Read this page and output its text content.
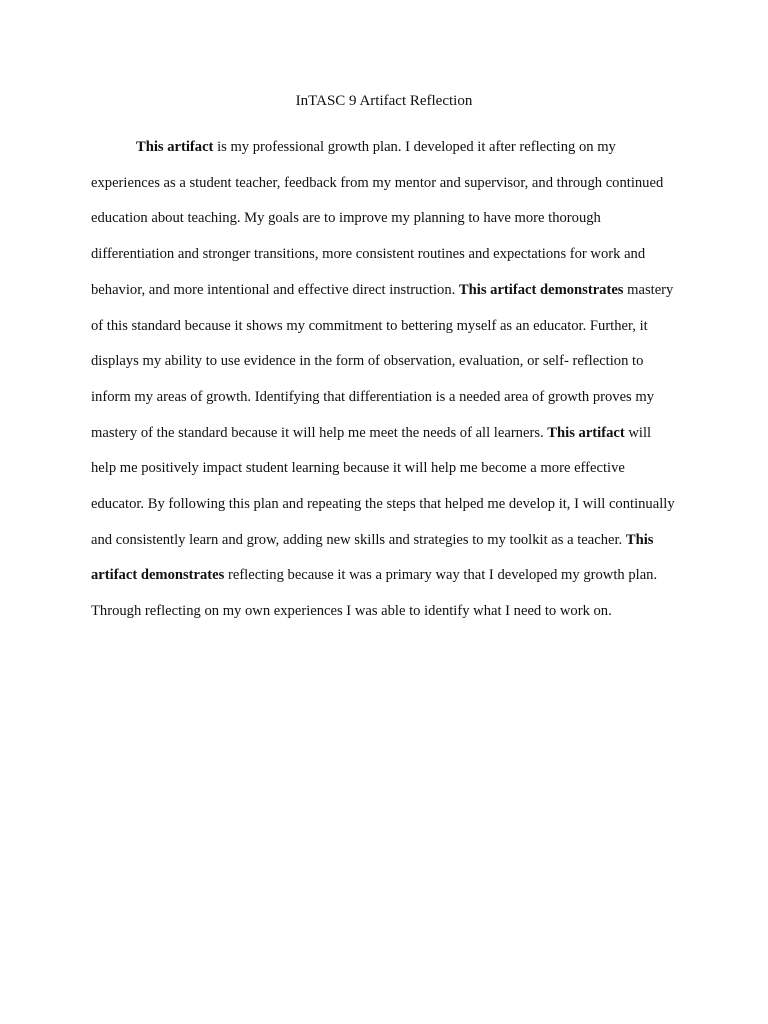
InTASC 9 Artifact Reflection

This artifact is my professional growth plan. I developed it after reflecting on my experiences as a student teacher, feedback from my mentor and supervisor, and through continued education about teaching. My goals are to improve my planning to have more thorough differentiation and stronger transitions, more consistent routines and expectations for work and behavior, and more intentional and effective direct instruction. This artifact demonstrates mastery of this standard because it shows my commitment to bettering myself as an educator. Further, it displays my ability to use evidence in the form of observation, evaluation, or self- reflection to inform my areas of growth. Identifying that differentiation is a needed area of growth proves my mastery of the standard because it will help me meet the needs of all learners. This artifact will help me positively impact student learning because it will help me become a more effective educator. By following this plan and repeating the steps that helped me develop it, I will continually and consistently learn and grow, adding new skills and strategies to my toolkit as a teacher. This artifact demonstrates reflecting because it was a primary way that I developed my growth plan. Through reflecting on my own experiences I was able to identify what I need to work on.
